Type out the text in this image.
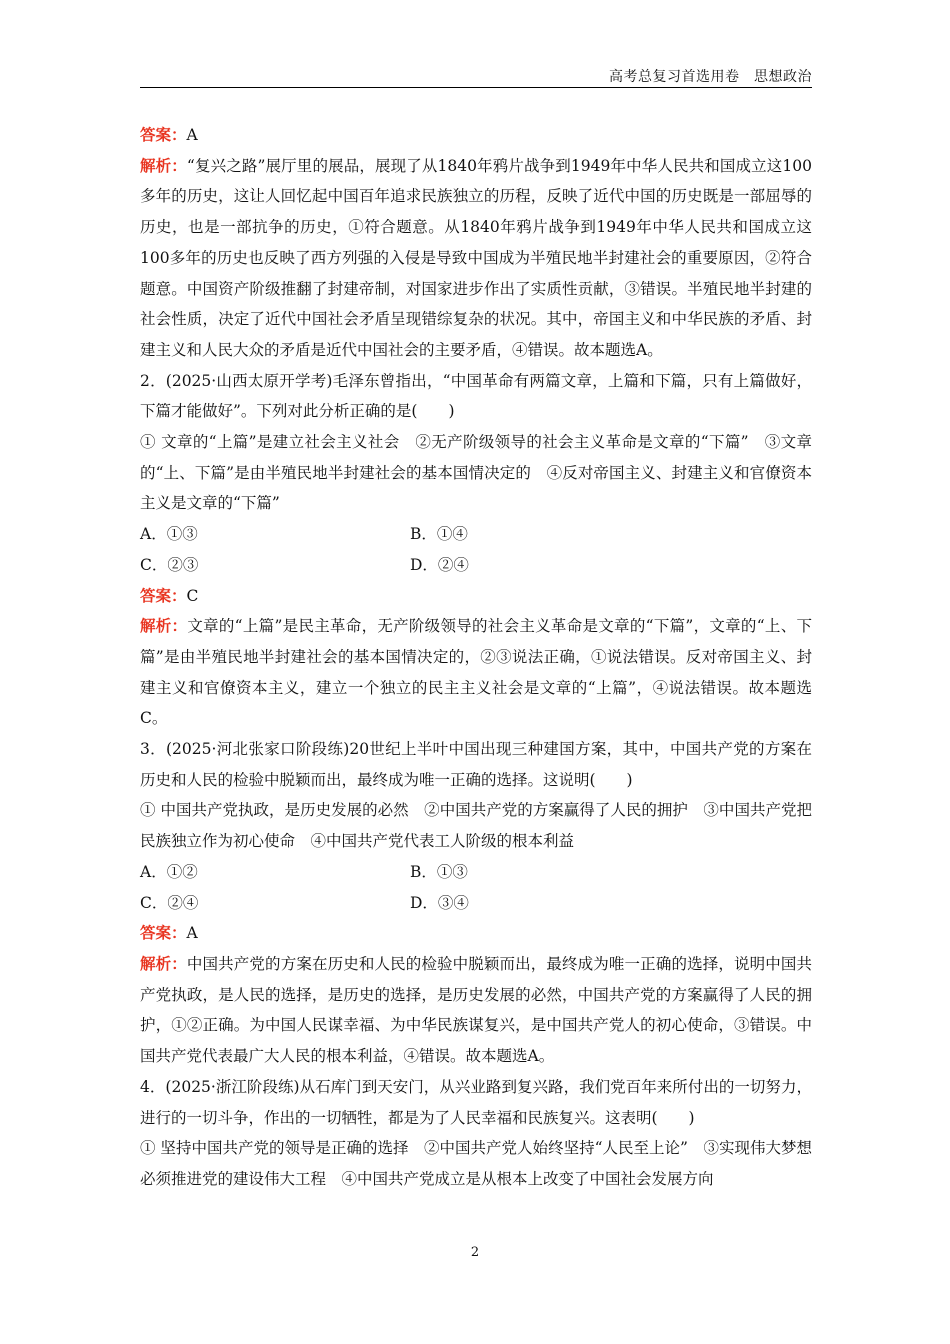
高考总复习首选用卷　思想政治

答案：A

解析：“复兴之路”展厅里的展品，展现了从1840年鸦片战争到1949年中华人民共和国成立这100多年的历史，这让人回忆起中国百年追求民族独立的历程，反映了近代中国的历史既是一部屈辱的历史，也是一部抗争的历史，①符合题意。从1840年鸦片战争到1949年中华人民共和国成立这100多年的历史也反映了西方列强的入侵是导致中国成为半殖民地半封建社会的重要原因，②符合题意。中国资产阶级推翻了封建帝制，对国家进步作出了实质性贡献，③错误。半殖民地半封建的社会性质，决定了近代中国社会矛盾呈现错综复杂的状况。其中，帝国主义和中华民族的矛盾、封建主义和人民大众的矛盾是近代中国社会的主要矛盾，④错误。故本题选A。

2．(2025·山西太原开学考)毛泽东曾指出，“中国革命有两篇文章，上篇和下篇，只有上篇做好，下篇才能做好”。下列对此分析正确的是(　　)

① 文章的“上篇”是建立社会主义社会　②无产阶级领导的社会主义革命是文章的“下篇”　③文章的“上、下篇”是由半殖民地半封建社会的基本国情决定的　④反对帝国主义、封建主义和官僚资本主义是文章的“下篇”

A．①③	B．①④
C．②③	D．②④

答案：C

解析：文章的“上篇”是民主革命，无产阶级领导的社会主义革命是文章的“下篇”，文章的“上、下篇”是由半殖民地半封建社会的基本国情决定的，②③说法正确，①说法错误。反对帝国主义、封建主义和官僚资本主义，建立一个独立的民主主义社会是文章的“上篇”，④说法错误。故本题选C。

3．(2025·河北张家口阶段练)20世纪上半叶中国出现三种建国方案，其中，中国共产党的方案在历史和人民的检验中脱颖而出，最终成为唯一正确的选择。这说明(　　)

① 中国共产党执政，是历史发展的必然　②中国共产党的方案赢得了人民的拥护　③中国共产党把民族独立作为初心使命　④中国共产党代表工人阶级的根本利益

A．①②	B．①③
C．②④	D．③④

答案：A

解析：中国共产党的方案在历史和人民的检验中脱颖而出，最终成为唯一正确的选择，说明中国共产党执政，是人民的选择，是历史的选择，是历史发展的必然，中国共产党的方案赢得了人民的拥护，①②正确。为中国人民谋幸福、为中华民族谋复兴，是中国共产党人的初心使命，③错误。中国共产党代表最广大人民的根本利益，④错误。故本题选A。

4．(2025·浙江阶段练)从石库门到天安门，从兴业路到复兴路，我们党百年来所付出的一切努力，进行的一切斗争，作出的一切牺牲，都是为了人民幸福和民族复兴。这表明(　　)

① 坚持中国共产党的领导是正确的选择　②中国共产党人始终坚持“人民至上论”　③实现伟大梦想必须推进党的建设伟大工程　④中国共产党成立是从根本上改变了中国社会发展方向

2
